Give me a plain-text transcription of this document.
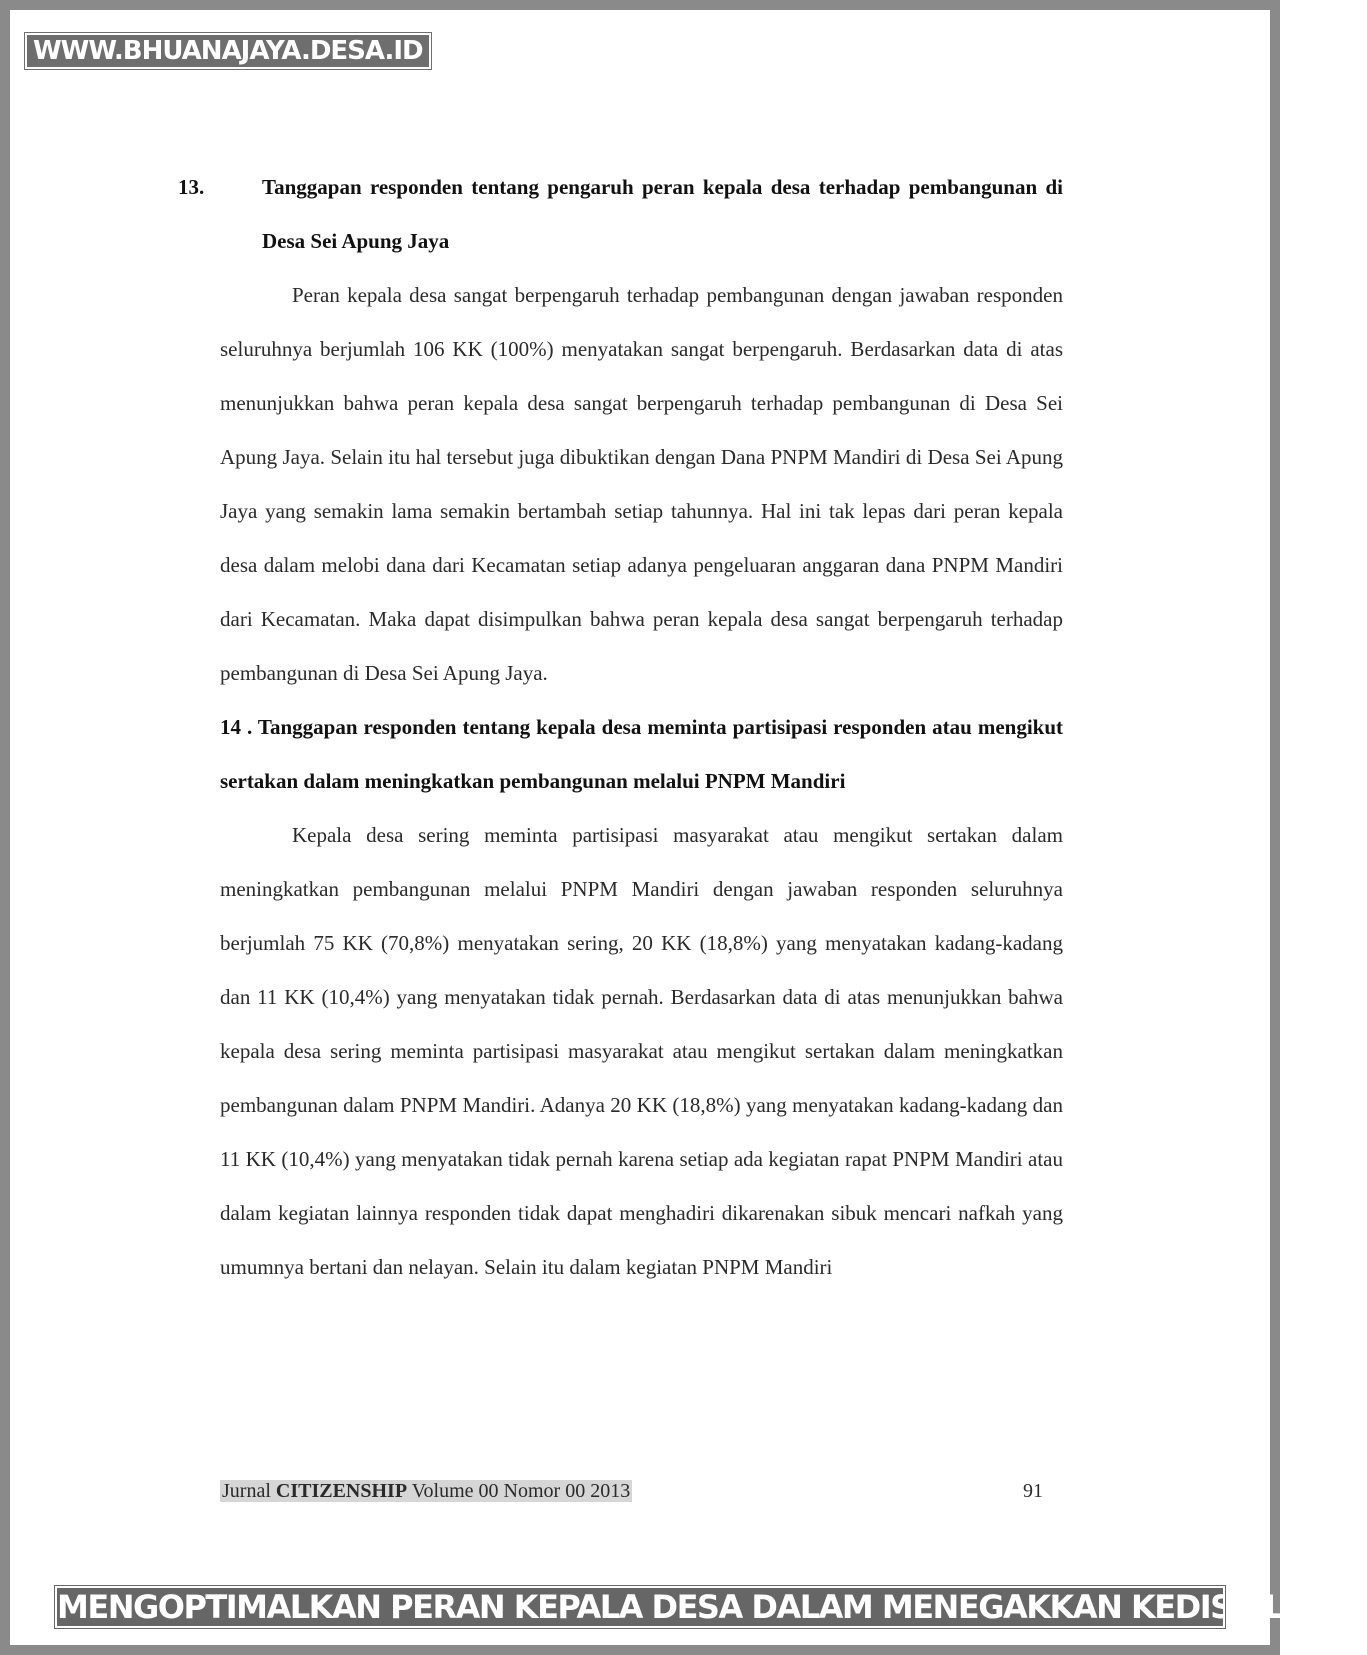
WWW.BHUANAJAYA.DESA.ID
13.	Tanggapan responden tentang pengaruh peran kepala desa terhadap pembangunan di Desa Sei Apung Jaya

Peran kepala desa sangat berpengaruh terhadap pembangunan dengan jawaban responden seluruhnya berjumlah 106 KK (100%) menyatakan sangat berpengaruh. Berdasarkan data di atas menunjukkan bahwa peran kepala desa sangat berpengaruh terhadap pembangunan di Desa Sei Apung Jaya. Selain itu hal tersebut juga dibuktikan dengan Dana PNPM Mandiri di Desa Sei Apung Jaya yang semakin lama semakin bertambah setiap tahunnya. Hal ini tak lepas dari peran kepala desa dalam melobi dana dari Kecamatan setiap adanya pengeluaran anggaran dana PNPM Mandiri dari Kecamatan. Maka dapat disimpulkan bahwa peran kepala desa sangat berpengaruh terhadap pembangunan di Desa Sei Apung Jaya.

14 . Tanggapan responden tentang kepala desa meminta partisipasi responden atau mengikut sertakan dalam meningkatkan pembangunan melalui PNPM Mandiri

Kepala desa sering meminta partisipasi masyarakat atau mengikut sertakan dalam meningkatkan pembangunan melalui PNPM Mandiri dengan jawaban responden seluruhnya berjumlah 75 KK (70,8%) menyatakan sering, 20 KK (18,8%) yang menyatakan kadang-kadang dan 11 KK (10,4%) yang menyatakan tidak pernah. Berdasarkan data di atas menunjukkan bahwa kepala desa sering meminta partisipasi masyarakat atau mengikut sertakan dalam meningkatkan pembangunan dalam PNPM Mandiri. Adanya 20 KK (18,8%) yang menyatakan kadang-kadang dan 11 KK (10,4%) yang menyatakan tidak pernah karena setiap ada kegiatan rapat PNPM Mandiri atau dalam kegiatan lainnya responden tidak dapat menghadiri dikarenakan sibuk mencari nafkah yang umumnya bertani dan nelayan. Selain itu dalam kegiatan PNPM Mandiri

Jurnal CITIZENSHIP Volume 00 Nomor 00 2013	91
MENGOPTIMALKAN PERAN KEPALA DESA DALAM MENEGAKKAN KEDISIPLINAN
